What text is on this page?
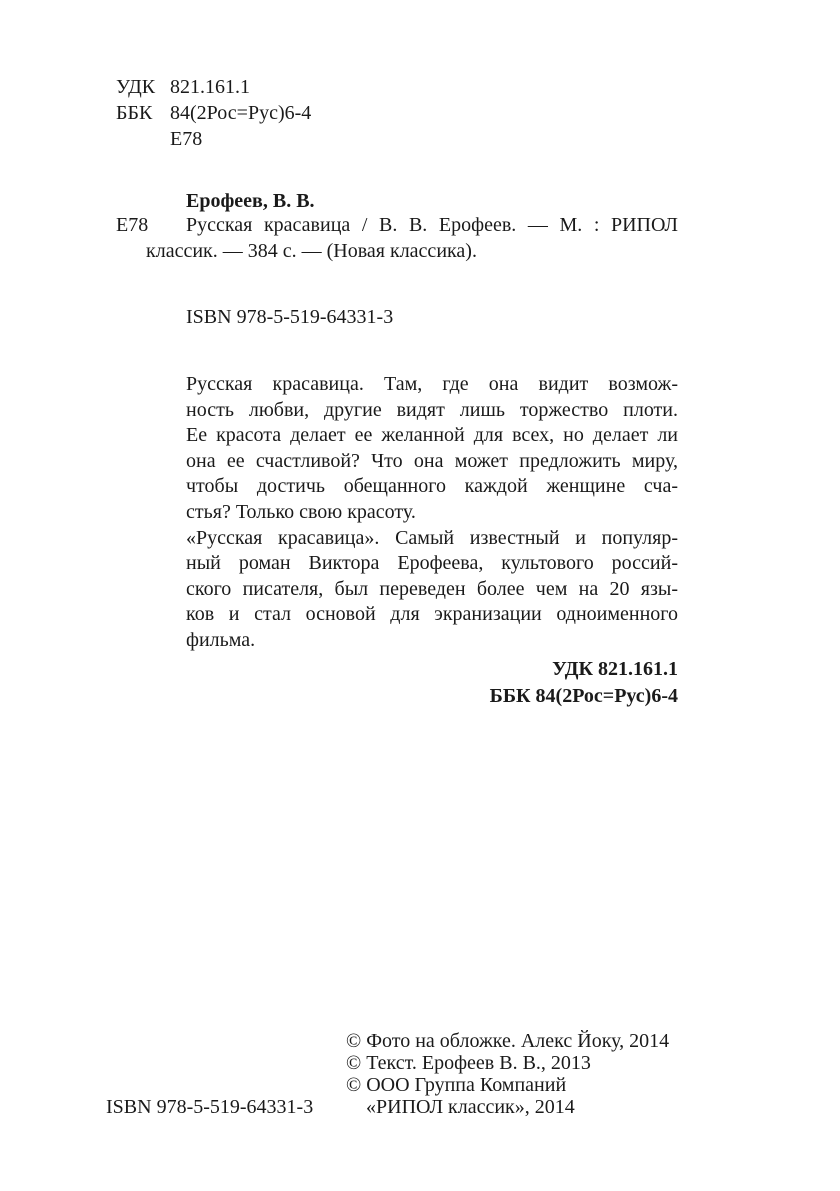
УДК 821.161.1
ББК 84(2Рос=Рус)6-4
Е78
Ерофеев, В. В.
Е78 Русская красавица / В. В. Ерофеев. — М. : РИПОЛ
классик. — 384 с. — (Новая классика).
ISBN 978-5-519-64331-3
Русская красавица. Там, где она видит возмож-
ность любви, другие видят лишь торжество плоти.
Ее красота делает ее желанной для всех, но делает ли
она ее счастливой? Что она может предложить миру,
чтобы достичь обещанного каждой женщине сча-
стья? Только свою красоту.
«Русская красавица». Самый известный и популяр-
ный роман Виктора Ерофеева, культового россий-
ского писателя, был переведен более чем на 20 язы-
ков и стал основой для экранизации одноименного
фильма.
УДК 821.161.1
ББК 84(2Рос=Рус)6-4
© Фото на обложке. Алекс Йоку, 2014
© Текст. Ерофеев В. В., 2013
© ООО Группа Компаний
«РИПОЛ классик», 2014
ISBN 978-5-519-64331-3
